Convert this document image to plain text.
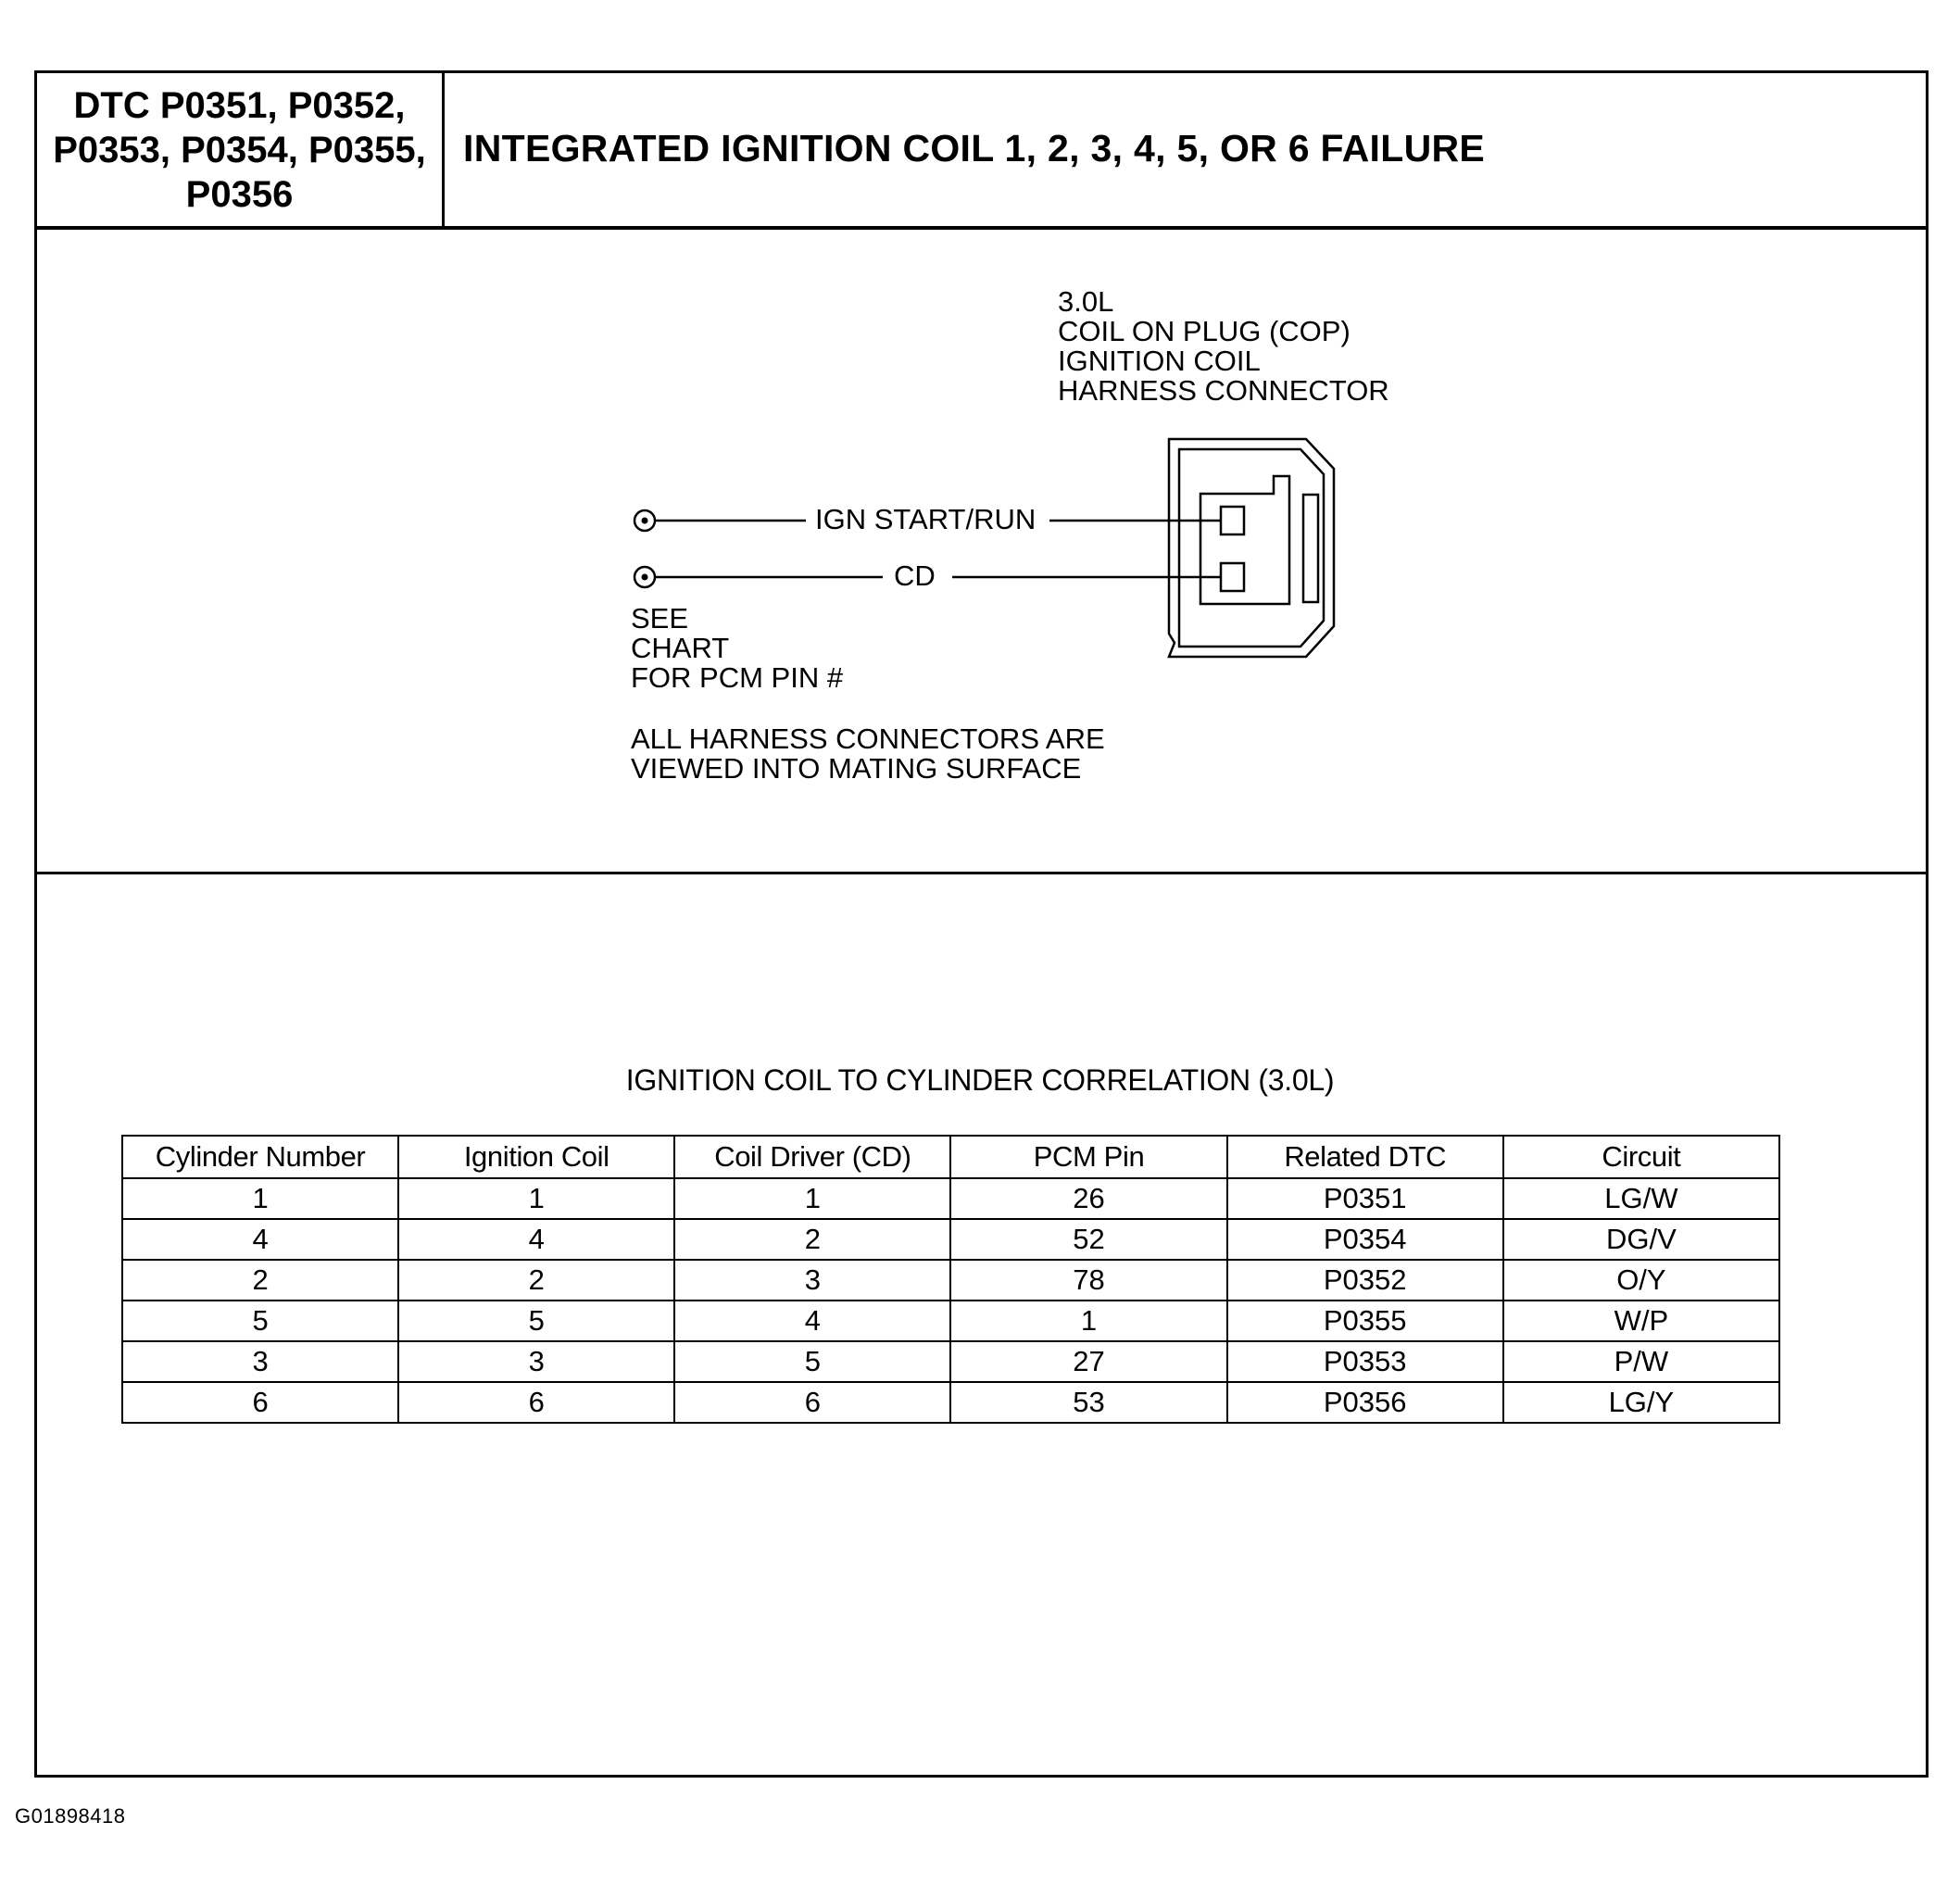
DTC P0351, P0352,
P0353, P0354, P0355,
P0356
INTEGRATED IGNITION COIL 1, 2, 3, 4, 5, OR 6 FAILURE
3.0L
COIL ON PLUG (COP)
IGNITION COIL
HARNESS CONNECTOR
IGN START/RUN
CD
SEE
CHART
FOR PCM PIN #
ALL HARNESS CONNECTORS ARE
VIEWED INTO MATING SURFACE
IGNITION COIL TO CYLINDER CORRELATION (3.0L)
Cylinder Number	Ignition Coil	Coil Driver (CD)	PCM Pin	Related DTC	Circuit
1	1	1	26	P0351	LG/W
4	4	2	52	P0354	DG/V
2	2	3	78	P0352	O/Y
5	5	4	1	P0355	W/P
3	3	5	27	P0353	P/W
6	6	6	53	P0356	LG/Y
G01898418
